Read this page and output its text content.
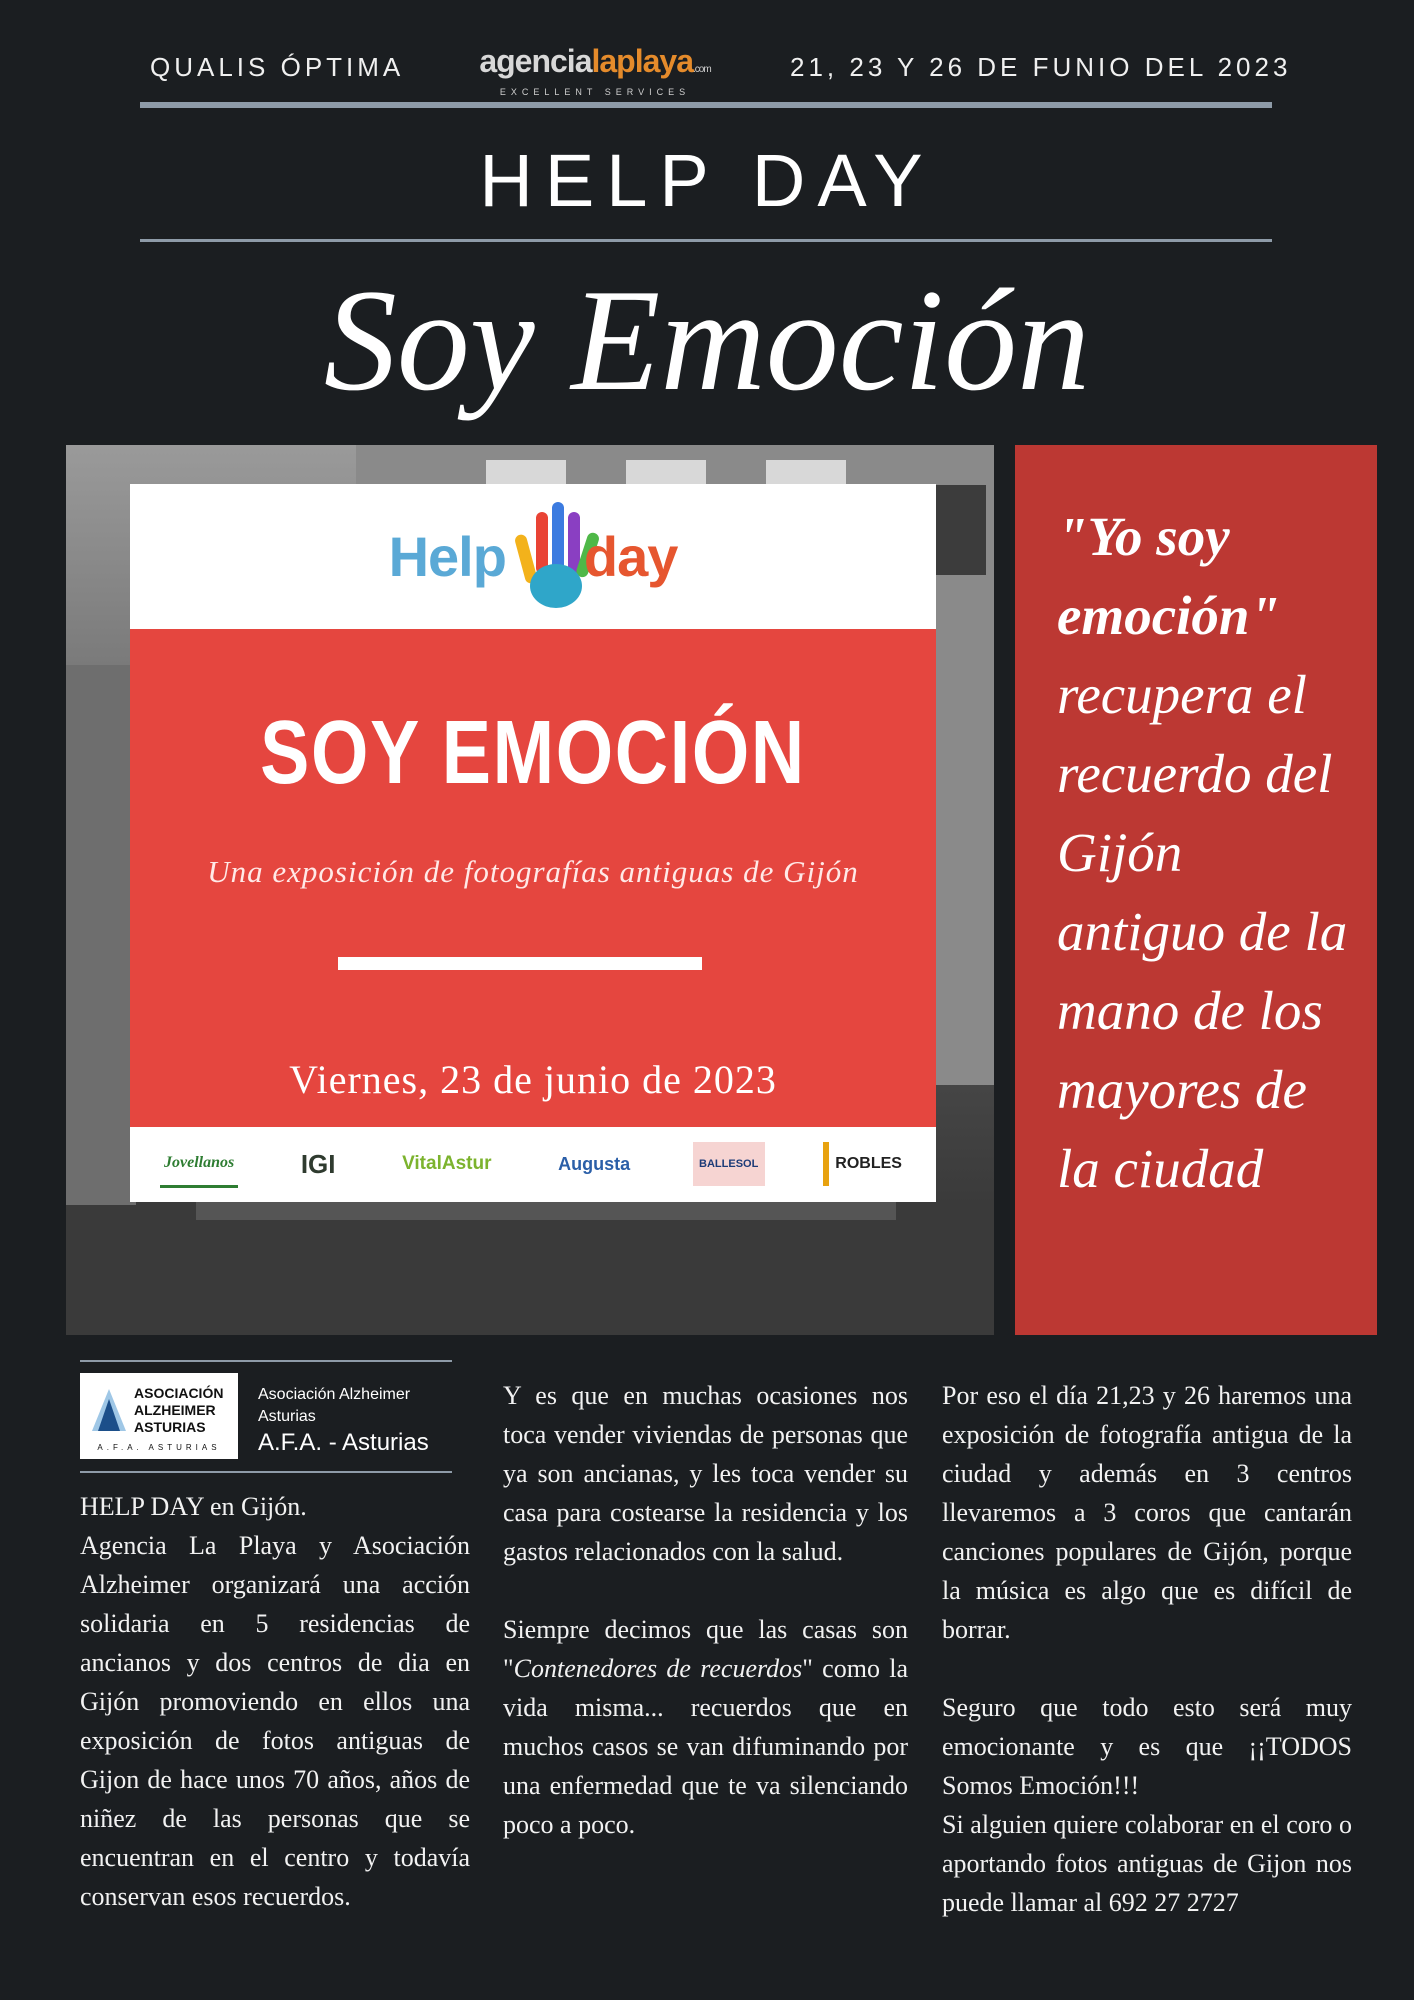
QUALIS ÓPTIMA agencialaplaya.com
EXCELLENT SERVICES
21, 23 Y 26 DE FUNIO DEL 2023
HELP DAY
Soy Emoción
Help day
SOY EMOCIÓN
Una exposición de fotografías antiguas de Gijón
Viernes, 23 de junio de 2023
Jovellanos	IGI	VitalAstur	Augusta	BALLESOL	ROBLES
"Yo soy emoción" recupera el recuerdo del Gijón antiguo de la mano de los mayores de la ciudad
ASOCIACIÓN ALZHEIMER ASTURIAS
A.F.A. ASTURIAS
Asociación Alzheimer Asturias
A.F.A. - Asturias

HELP DAY en Gijón.

Agencia La Playa y Asociación Alzheimer organizará una acción solidaria en 5 residencias de ancianos y dos centros de dia en Gijón promoviendo en ellos una exposición de fotos antiguas de Gijon de hace unos 70 años, años de niñez de las personas que se encuentran en el centro y todavía conservan esos recuerdos.

Y es que en muchas ocasiones nos toca vender viviendas de personas que ya son ancianas, y les toca vender su casa para costearse la residencia y los gastos relacionados con la salud.

Siempre decimos que las casas son "Contenedores de recuerdos" como la vida misma... recuerdos que en muchos casos se van difuminando por una enfermedad que te va silenciando poco a poco.

Por eso el día 21,23 y 26 haremos una exposición de fotografía antigua de la ciudad y además en 3 centros llevaremos a 3 coros que cantarán canciones populares de Gijón, porque la música es algo que es difícil de borrar.

Seguro que todo esto será muy emocionante y es que ¡¡TODOS Somos Emoción!!!

Si alguien quiere colaborar en el coro o aportando fotos antiguas de Gijon nos puede llamar al 692 27 2727
